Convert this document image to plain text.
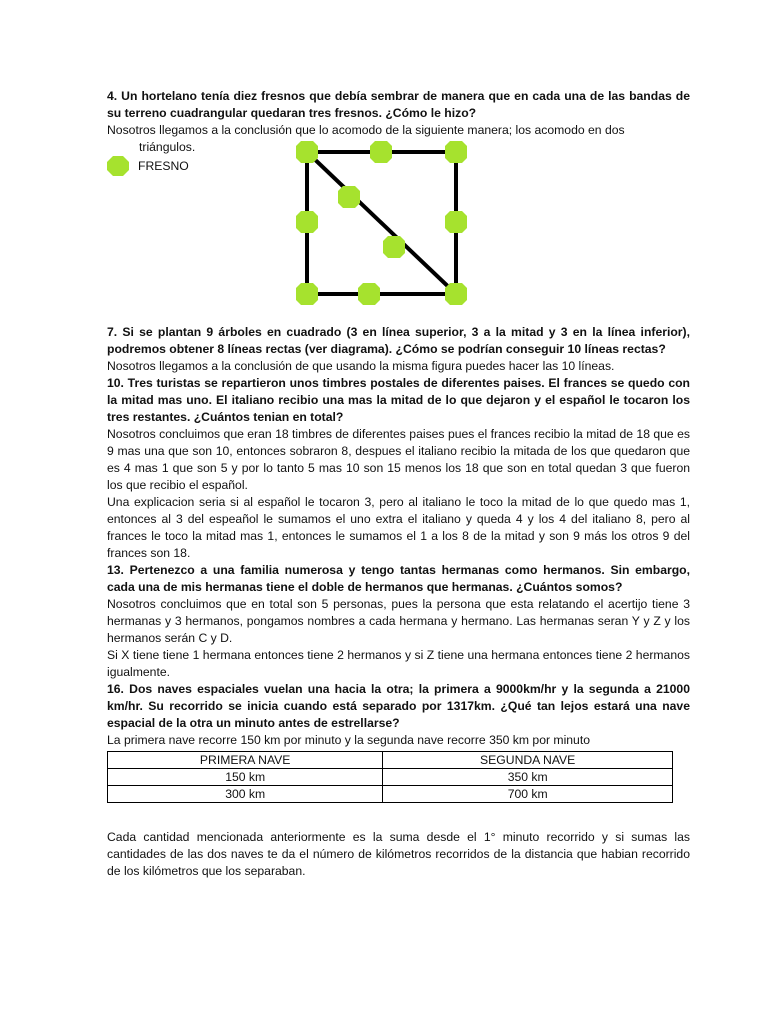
4. Un hortelano tenía diez fresnos que debía sembrar de manera que en cada una de las bandas de su terreno cuadrangular quedaran tres fresnos. ¿Cómo le hizo?

Nosotros llegamos a la conclusión que lo acomodo de la siguiente manera; los acomodo en dos

triángulos.

FRESNO

7. Si se plantan 9 árboles en cuadrado (3 en línea superior, 3 a la mitad y 3 en la línea inferior), podremos obtener 8 líneas rectas (ver diagrama). ¿Cómo se podrían conseguir 10 líneas rectas?

Nosotros llegamos a la conclusión de que usando la misma figura puedes hacer las 10 líneas.

10. Tres turistas se repartieron unos timbres postales de diferentes paises. El frances se quedo con la mitad mas uno. El italiano recibio una mas la mitad de lo que dejaron y el español le tocaron los tres restantes. ¿Cuántos tenian en total?

Nosotros concluimos que eran 18 timbres de diferentes paises pues el frances recibio la mitad de 18 que es 9 mas una que son 10, entonces sobraron 8, despues el italiano recibio la mitada de los que quedaron que es 4 mas 1 que son 5 y por lo tanto 5 mas 10 son 15 menos los 18 que son en total quedan 3 que fueron los que recibio el español.

Una explicacion seria si al español le tocaron 3, pero al italiano le toco la mitad de lo que quedo mas 1, entonces al 3 del espeañol le sumamos el uno extra el italiano y queda 4 y los 4 del italiano 8, pero al frances le toco la mitad mas 1, entonces le sumamos el 1 a los 8 de la mitad y son 9 más los otros 9 del frances son 18.

13. Pertenezco a una familia numerosa y tengo tantas hermanas como hermanos. Sin embargo, cada una de mis hermanas tiene el doble de hermanos que hermanas. ¿Cuántos somos?

Nosotros concluimos que en total son 5 personas, pues la persona que esta relatando el acertijo tiene 3 hermanas y 3 hermanos, pongamos nombres a cada hermana y hermano. Las hermanas seran Y y Z y los hermanos serán C y D.

Si X tiene tiene 1 hermana entonces tiene 2 hermanos y si Z tiene una hermana entonces tiene 2 hermanos igualmente.

16. Dos naves espaciales vuelan una hacia la otra; la primera a 9000km/hr y la segunda a 21000 km/hr. Su recorrido se inicia cuando está separado por 1317km. ¿Qué tan lejos estará una nave espacial de la otra un minuto antes de estrellarse?

La primera nave recorre 150 km por minuto y la segunda nave recorre 350 km por minuto

PRIMERA NAVE	SEGUNDA NAVE
150 km	350 km
300 km	700 km

Cada cantidad mencionada anteriormente es la suma desde el 1° minuto recorrido y si sumas las cantidades de las dos naves te da el número de kilómetros recorridos de la distancia que habian recorrido de los kilómetros que los separaban.
